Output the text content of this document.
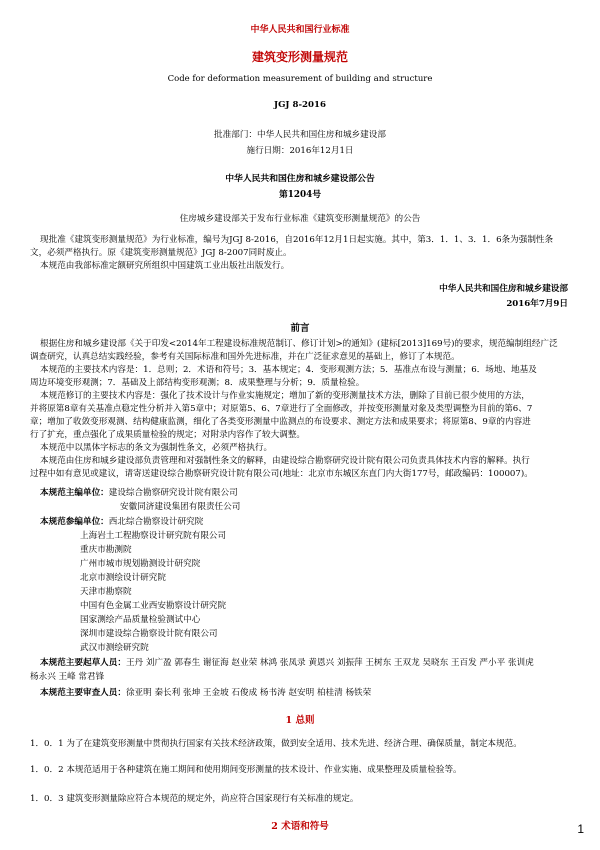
中华人民共和国行业标准
建筑变形测量规范
Code for deformation measurement of building and structure
JGJ 8-2016
批准部门：中华人民共和国住房和城乡建设部
施行日期：2016年12月1日
中华人民共和国住房和城乡建设部公告
第1204号
住房城乡建设部关于发布行业标准《建筑变形测量规范》的公告
现批准《建筑变形测量规范》为行业标准，编号为JGJ 8-2016，自2016年12月1日起实施。其中，第3．1．1、3．1．6条为强制性条
文，必须严格执行。原《建筑变形测量规范》JGJ 8-2007同时废止。
本规范由我部标准定额研究所组织中国建筑工业出版社出版发行。
中华人民共和国住房和城乡建设部
2016年7月9日
前言
根据住房和城乡建设部《关于印发<2014年工程建设标准规范制订、修订计划>的通知》(建标[2013]169号)的要求，规范编制组经广泛
调查研究，认真总结实践经验，参考有关国际标准和国外先进标准，并在广泛征求意见的基础上，修订了本规范。
本规范的主要技术内容是：1．总则；2．术语和符号；3．基本规定；4．变形观测方法；5．基准点布设与测量；6．场地、地基及
周边环境变形观测；7．基础及上部结构变形观测；8．成果整理与分析；9．质量检验。
本规范修订的主要技术内容是：强化了技术设计与作业实施规定；增加了新的变形测量技术方法，删除了目前已很少使用的方法，
并将原第8章有关基准点稳定性分析并入第5章中；对原第5、6、7章进行了全面修改，并按变形测量对象及类型调整为目前的第6、7
章；增加了收敛变形观测、结构健康监测，细化了各类变形测量中监测点的布设要求、测定方法和成果要求；将原第8、9章的内容进
行了扩充，重点强化了成果质量检验的规定；对附录内容作了较大调整。
本规范中以黑体字标志的条文为强制性条文，必须严格执行。
本规范由住房和城乡建设部负责管理和对强制性条文的解释，由建设综合勘察研究设计院有限公司负责具体技术内容的解释。执行
过程中如有意见或建议，请寄送建设综合勘察研究设计院有限公司(地址：北京市东城区东直门内大街177号，邮政编码：100007)。
本规范主编单位：建设综合勘察研究设计院有限公司
安徽同济建设集团有限责任公司
本规范参编单位：西北综合勘察设计研究院
上海岩土工程勘察设计研究院有限公司
重庆市勘测院
广州市城市规划勘测设计研究院
北京市测绘设计研究院
天津市勘察院
中国有色金属工业西安勘察设计研究院
国家测绘产品质量检验测试中心
深圳市建设综合勘察设计院有限公司
武汉市测绘研究院
本规范主要起草人员：王丹 刘广盈 郭春生 谢征海 赵业荣 林鸿 张凤录 黄恩兴 刘振萍 王树东 王双龙 吴晓东 王百发 严小平 张训虎
杨永兴 王峰 常君锋
本规范主要审查人员：徐亚明 秦长利 张坤 王金坡 石俊成 杨书涛 赵安明 柏桂清 杨铁荣
1 总则
1．0．1 为了在建筑变形测量中贯彻执行国家有关技术经济政策，做到安全适用、技术先进、经济合理、确保质量，制定本规范。
1．0．2 本规范适用于各种建筑在施工期间和使用期间变形测量的技术设计、作业实施、成果整理及质量检验等。
1．0．3 建筑变形测量除应符合本规范的规定外，尚应符合国家现行有关标准的规定。
2 术语和符号	1
